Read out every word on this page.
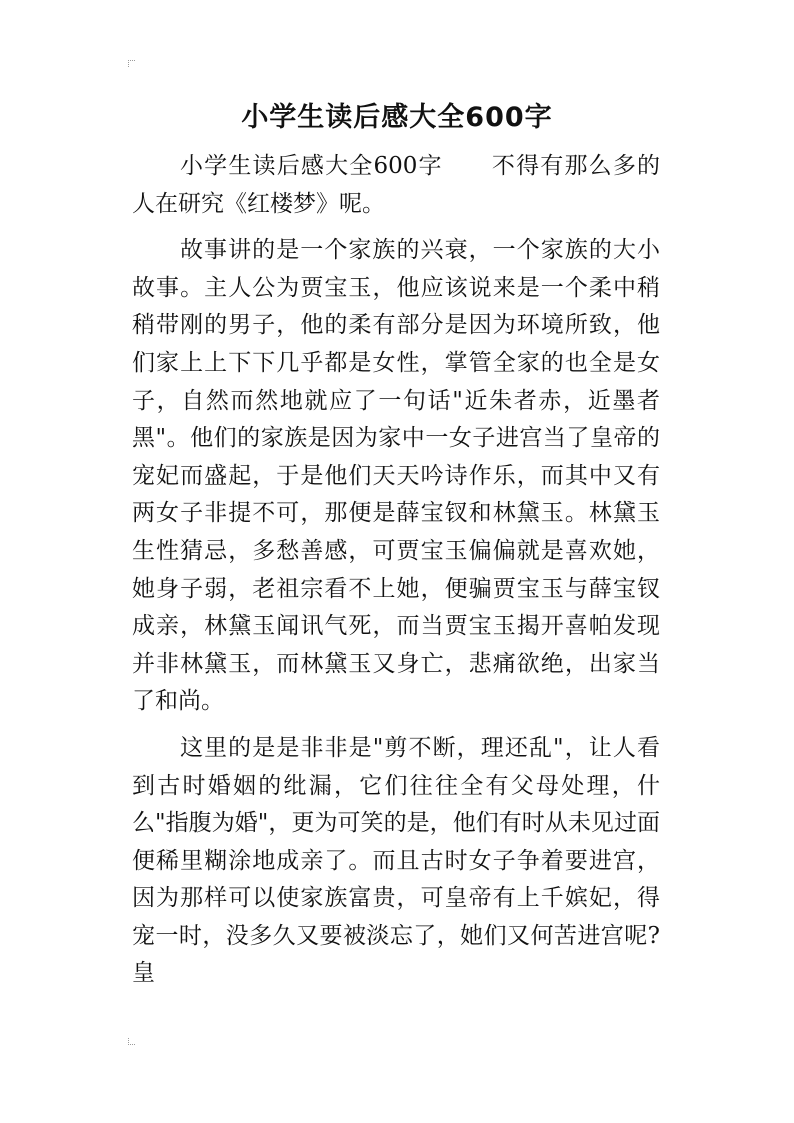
小学生读后感大全600字

小学生读后感大全600字 不得有那么多的人在研究《红楼梦》呢。

故事讲的是一个家族的兴衰，一个家族的大小故事。主人公为贾宝玉，他应该说来是一个柔中稍稍带刚的男子，他的柔有部分是因为环境所致，他们家上上下下几乎都是女性，掌管全家的也全是女子，自然而然地就应了一句话"近朱者赤，近墨者黑"。他们的家族是因为家中一女子进宫当了皇帝的宠妃而盛起，于是他们天天吟诗作乐，而其中又有两女子非提不可，那便是薛宝钗和林黛玉。林黛玉生性猜忌，多愁善感，可贾宝玉偏偏就是喜欢她，她身子弱，老祖宗看不上她，便骗贾宝玉与薛宝钗成亲，林黛玉闻讯气死，而当贾宝玉揭开喜帕发现并非林黛玉，而林黛玉又身亡，悲痛欲绝，出家当了和尚。

这里的是是非非是"剪不断，理还乱"，让人看到古时婚姻的纰漏，它们往往全有父母处理，什么"指腹为婚"，更为可笑的是，他们有时从未见过面便稀里糊涂地成亲了。而且古时女子争着要进宫，因为那样可以使家族富贵，可皇帝有上千嫔妃，得宠一时，没多久又要被淡忘了，她们又何苦进宫呢?皇
